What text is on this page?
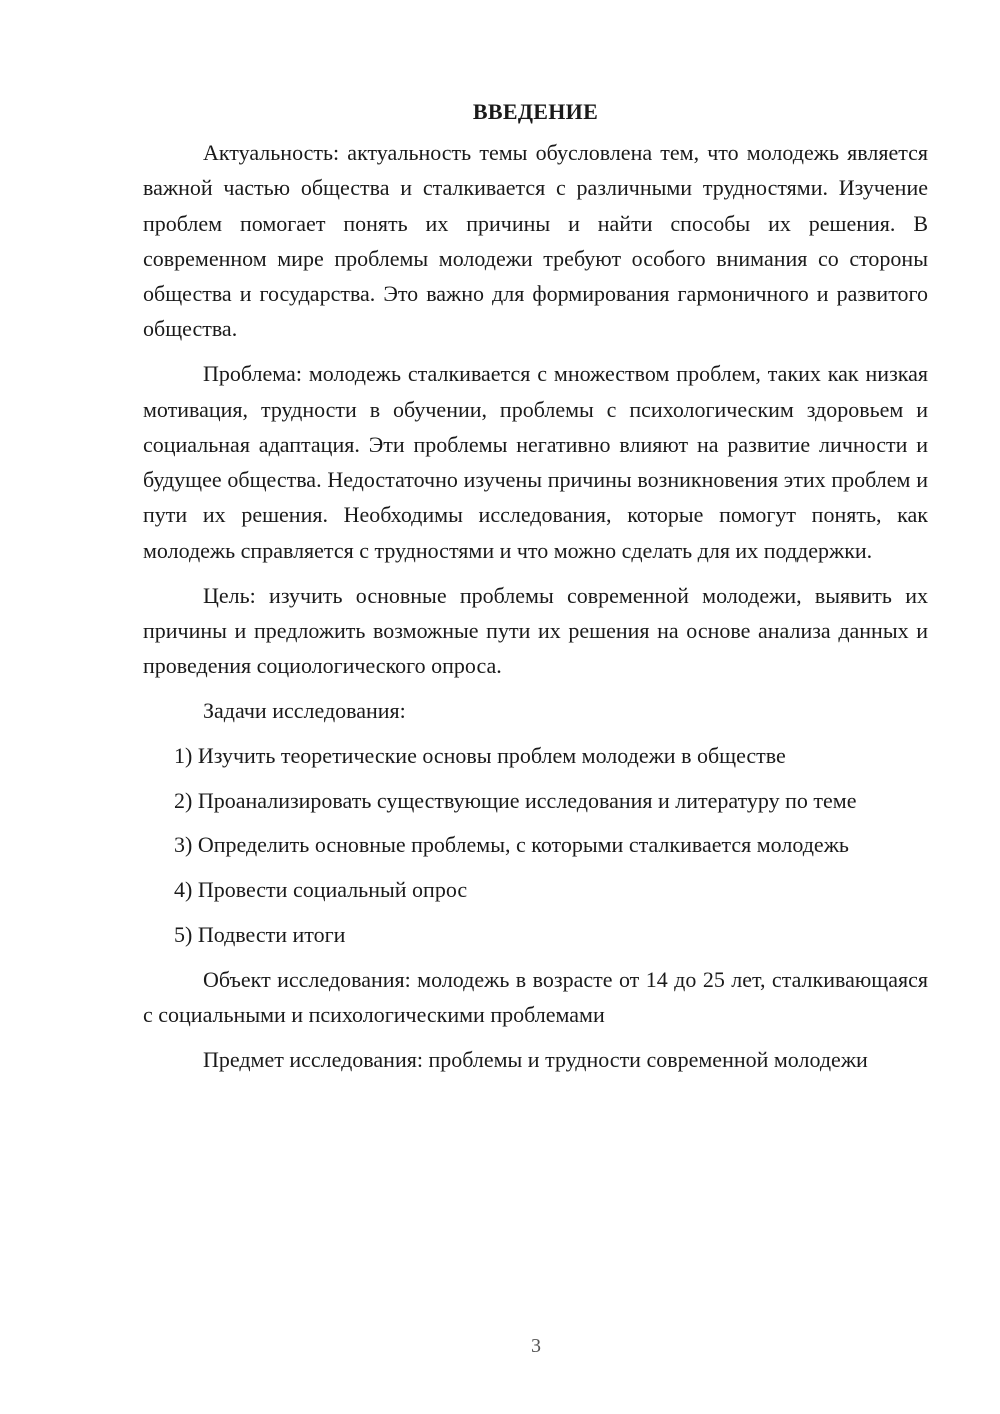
ВВЕДЕНИЕ

Актуальность: актуальность темы обусловлена тем, что молодежь является важной частью общества и сталкивается с различными трудностями. Изучение проблем помогает понять их причины и найти способы их решения. В современном мире проблемы молодежи требуют особого внимания со стороны общества и государства. Это важно для формирования гармоничного и развитого общества.

Проблема: молодежь сталкивается с множеством проблем, таких как низкая мотивация, трудности в обучении, проблемы с психологическим здоровьем и социальная адаптация. Эти проблемы негативно влияют на развитие личности и будущее общества. Недостаточно изучены причины возникновения этих проблем и пути их решения. Необходимы исследования, которые помогут понять, как молодежь справляется с трудностями и что можно сделать для их поддержки.

Цель: изучить основные проблемы современной молодежи, выявить их причины и предложить возможные пути их решения на основе анализа данных и проведения социологического опроса.

Задачи исследования:

1) Изучить теоретические основы проблем молодежи в обществе

2) Проанализировать существующие исследования и литературу по теме

3) Определить основные проблемы, с которыми сталкивается молодежь

4) Провести социальный опрос

5) Подвести итоги

Объект исследования: молодежь в возрасте от 14 до 25 лет, сталкивающаяся с социальными и психологическими проблемами

Предмет исследования: проблемы и трудности современной молодежи

3
